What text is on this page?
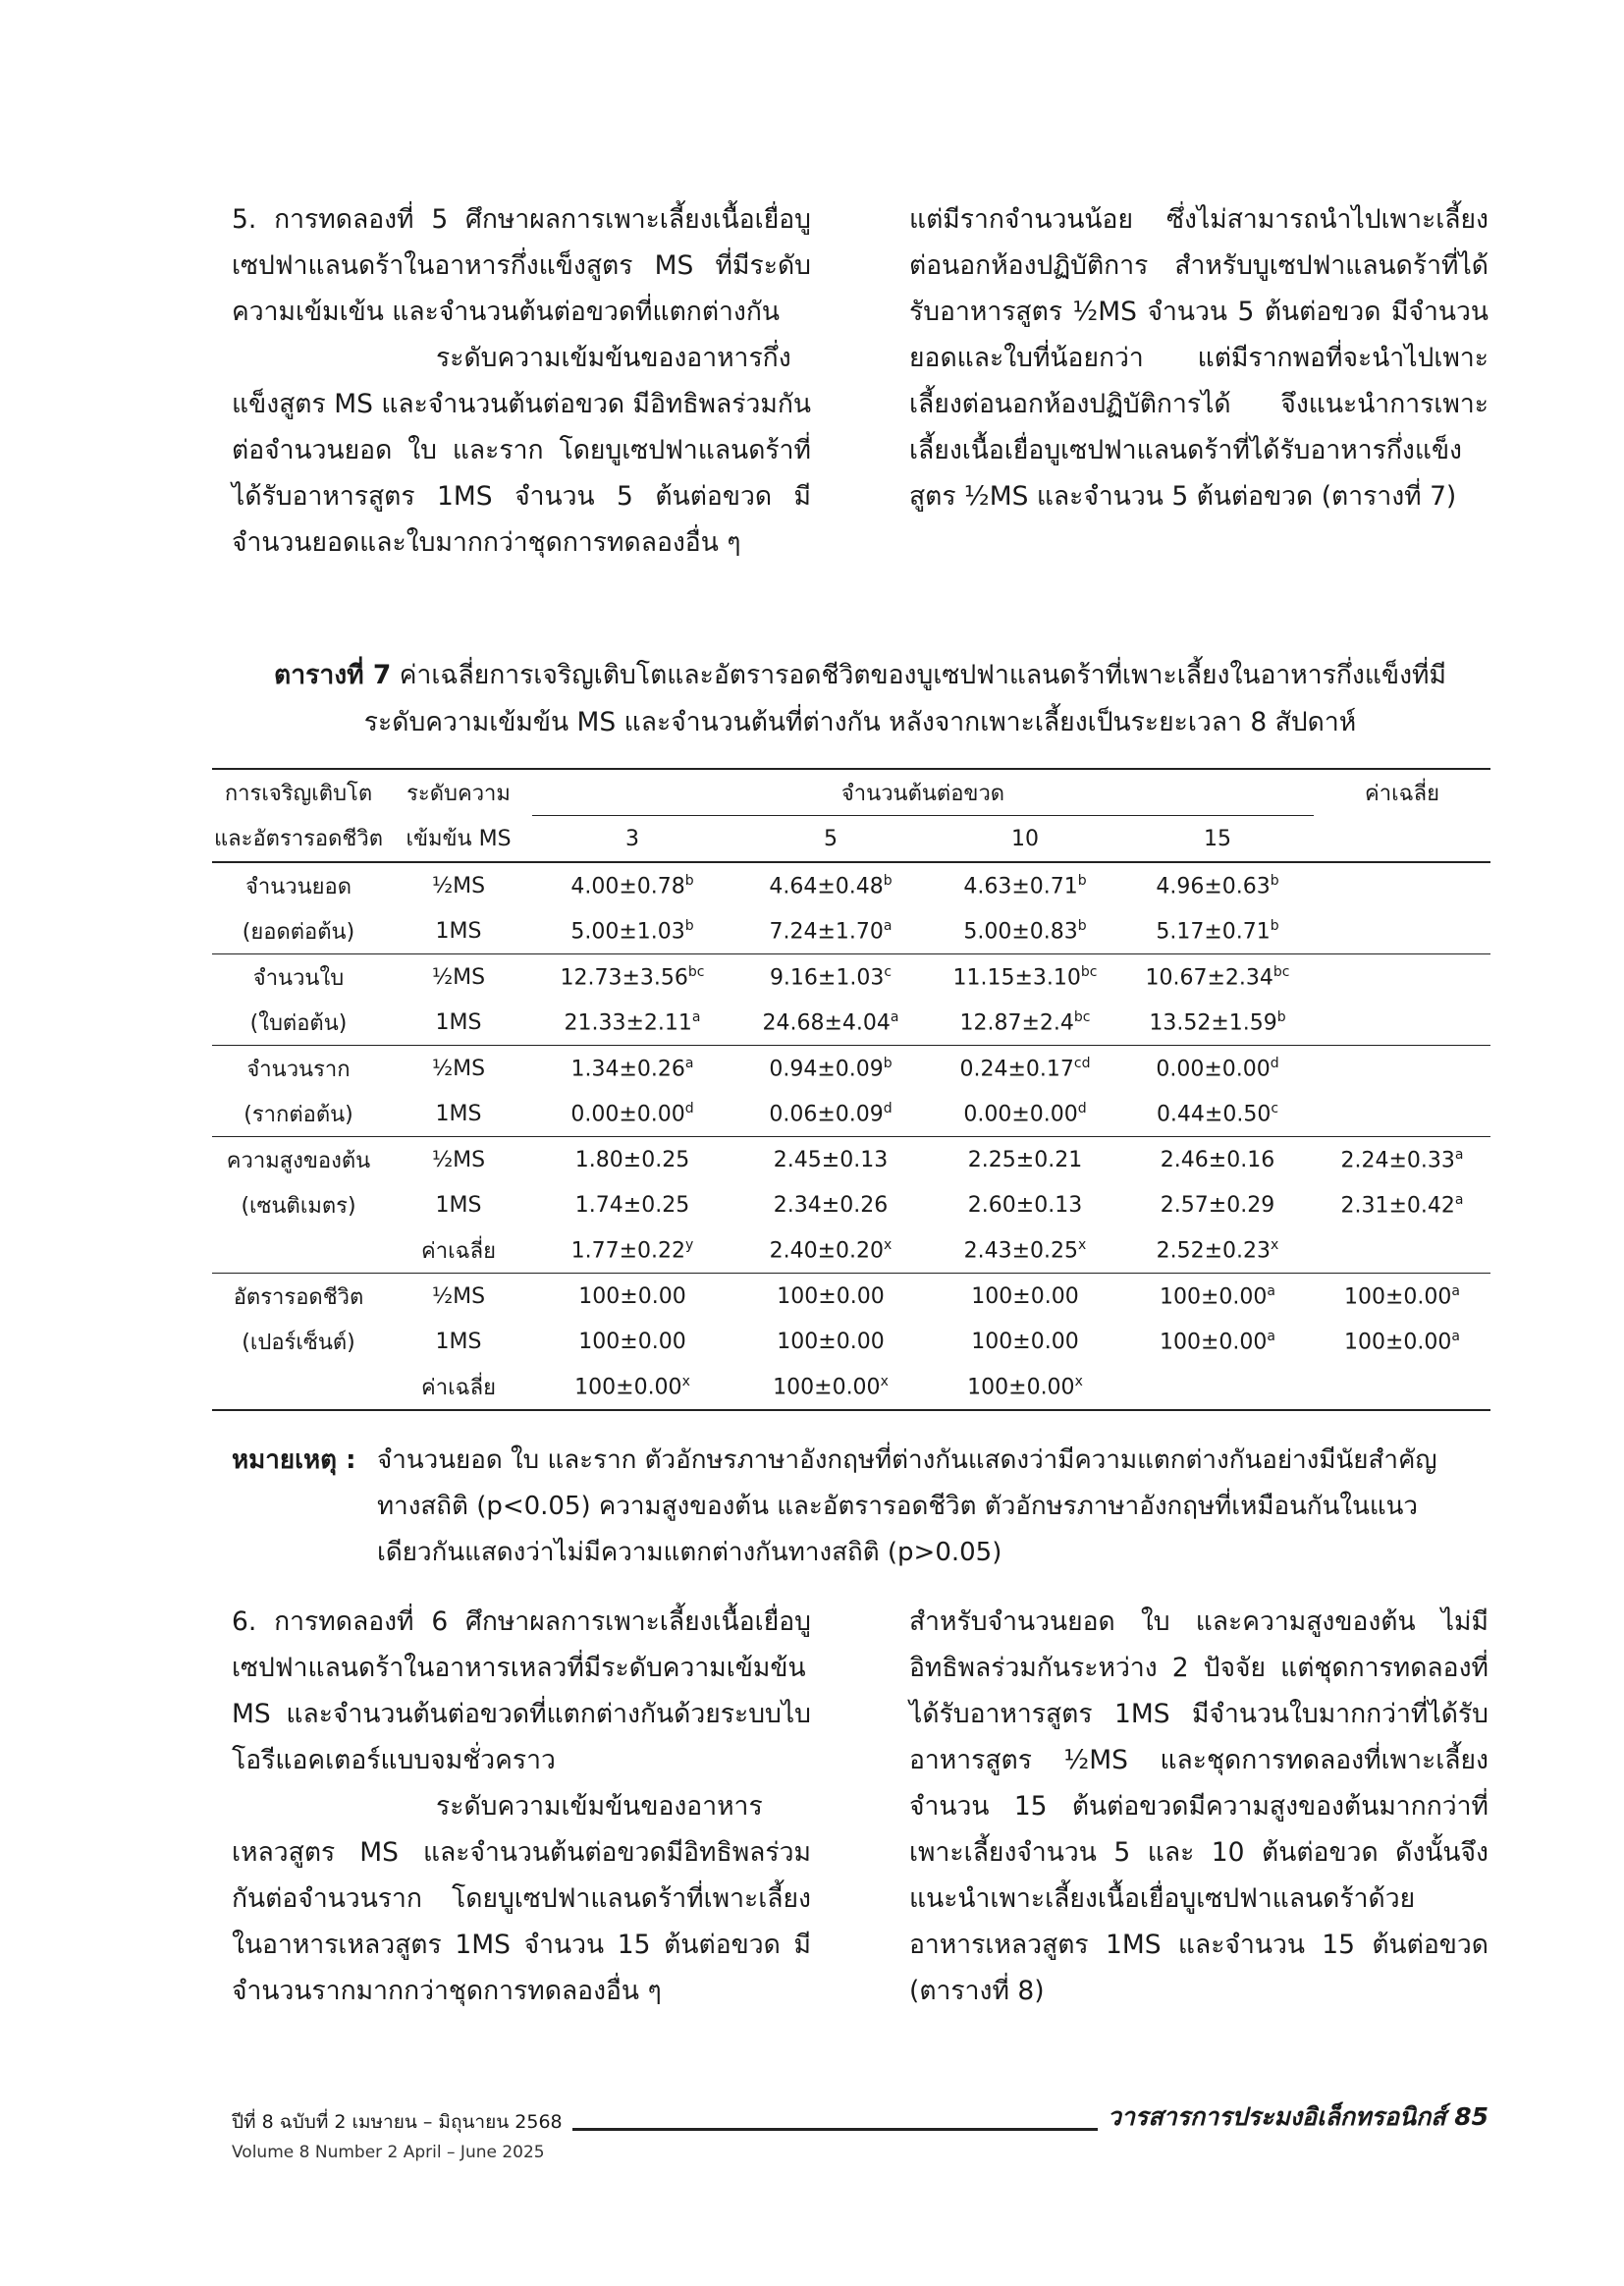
5. การทดลองที่ 5 ศึกษาผลการเพาะเลี้ยงเนื้อเยื่อบูเซปฟาแลนดร้าในอาหารกึ่งแข็งสูตร MS ที่มีระดับความเข้มเข้น และจำนวนต้นต่อขวดที่แตกต่างกัน

ระดับความเข้มข้นของอาหารกึ่งแข็งสูตร MS และจำนวนต้นต่อขวด มีอิทธิพลร่วมกันต่อจำนวนยอด ใบ และราก โดยบูเซปฟาแลนดร้าที่ได้รับอาหารสูตร 1MS จำนวน 5 ต้นต่อขวด มีจำนวนยอดและใบมากกว่าชุดการทดลองอื่น ๆ

แต่มีรากจำนวนน้อย ซึ่งไม่สามารถนำไปเพาะเลี้ยงต่อนอกห้องปฏิบัติการ สำหรับบูเซปฟาแลนดร้าที่ได้รับอาหารสูตร ½MS จำนวน 5 ต้นต่อขวด มีจำนวนยอดและใบที่น้อยกว่า แต่มีรากพอที่จะนำไปเพาะเลี้ยงต่อนอกห้องปฏิบัติการได้ จึงแนะนำการเพาะเลี้ยงเนื้อเยื่อบูเซปฟาแลนดร้าที่ได้รับอาหารกึ่งแข็งสูตร ½MS และจำนวน 5 ต้นต่อขวด (ตารางที่ 7)

ตารางที่ 7 ค่าเฉลี่ยการเจริญเติบโตและอัตรารอดชีวิตของบูเซปฟาแลนดร้าที่เพาะเลี้ยงในอาหารกึ่งแข็งที่มี
ระดับความเข้มข้น MS และจำนวนต้นที่ต่างกัน หลังจากเพาะเลี้ยงเป็นระยะเวลา 8 สัปดาห์
การเจริญเติบโต	ระดับความ	จำนวนต้นต่อขวด				ค่าเฉลี่ย
และอัตรารอดชีวิต	เข้มข้น MS	3	5	10	15	
จำนวนยอด	½MS	4.00±0.78$^b$	4.64±0.48$^b$	4.63±0.71$^b$	4.96±0.63$^b$	
(ยอดต่อต้น)	1MS	5.00±1.03$^b$	7.24±1.70$^a$	5.00±0.83$^b$	5.17±0.71$^b$	
จำนวนใบ	½MS	12.73±3.56$^{bc}$	9.16±1.03$^c$	11.15±3.10$^{bc}$	10.67±2.34$^{bc}$	
(ใบต่อต้น)	1MS	21.33±2.11$^a$	24.68±4.04$^a$	12.87±2.4$^{bc}$	13.52±1.59$^b$	
จำนวนราก	½MS	1.34±0.26$^a$	0.94±0.09$^b$	0.24±0.17$^{cd}$	0.00±0.00$^d$	
(รากต่อต้น)	1MS	0.00±0.00$^d$	0.06±0.09$^d$	0.00±0.00$^d$	0.44±0.50$^c$	
ความสูงของต้น	½MS	1.80±0.25	2.45±0.13	2.25±0.21	2.46±0.16	2.24±0.33$^a$
(เซนติเมตร)	1MS	1.74±0.25	2.34±0.26	2.60±0.13	2.57±0.29	2.31±0.42$^a$
	ค่าเฉลี่ย	$1.77\pm 0.22^y$	$2.40\pm 0.20^x$	$2.43\pm 0.25^x$	$2.52\pm 0.23^x$	
อัตรารอดชีวิต	½MS	100±0.00	100±0.00	100±0.00	100±0.00$^a$	100±0.00$^a$
(เปอร์เซ็นต์)	1MS	100±0.00	100±0.00	100±0.00	100±0.00$^a$	100±0.00$^a$
	ค่าเฉลี่ย	$100\pm 0.00^x$	$100\pm 0.00^x$	$100\pm 0.00^x$		
หมายเหตุ : จำนวนยอด ใบ และราก ตัวอักษรภาษาอังกฤษที่ต่างกันแสดงว่ามีความแตกต่างกันอย่างมีนัยสำคัญ
ทางสถิติ (p<0.05) ความสูงของต้น และอัตรารอดชีวิต ตัวอักษรภาษาอังกฤษที่เหมือนกันในแนว
เดียวกันแสดงว่าไม่มีความแตกต่างกันทางสถิติ (p>0.05)

6. การทดลองที่ 6 ศึกษาผลการเพาะเลี้ยงเนื้อเยื่อบูเซปฟาแลนดร้าในอาหารเหลวที่มีระดับความเข้มข้น MS และจำนวนต้นต่อขวดที่แตกต่างกันด้วยระบบไบโอรีแอคเตอร์แบบจมชั่วคราว

ระดับความเข้มข้นของอาหารเหลวสูตร MS และจำนวนต้นต่อขวดมีอิทธิพลร่วมกันต่อจำนวนราก โดยบูเซปฟาแลนดร้าที่เพาะเลี้ยงในอาหารเหลวสูตร 1MS จำนวน 15 ต้นต่อขวด มีจำนวนรากมากกว่าชุดการทดลองอื่น ๆ

สำหรับจำนวนยอด ใบ และความสูงของต้น ไม่มีอิทธิพลร่วมกันระหว่าง 2 ปัจจัย แต่ชุดการทดลองที่ได้รับอาหารสูตร 1MS มีจำนวนใบมากกว่าที่ได้รับอาหารสูตร ½MS และชุดการทดลองที่เพาะเลี้ยงจำนวน 15 ต้นต่อขวดมีความสูงของต้นมากกว่าที่เพาะเลี้ยงจำนวน 5 และ 10 ต้นต่อขวด ดังนั้นจึงแนะนำเพาะเลี้ยงเนื้อเยื่อบูเซปฟาแลนดร้าด้วยอาหารเหลวสูตร 1MS และจำนวน 15 ต้นต่อขวด (ตารางที่ 8)

ปีที่ 8 ฉบับที่ 2 เมษายน – มิถุนายน 2568	วารสารการประมงอิเล็กทรอนิกส์ 85
Volume 8 Number 2 April – June 2025
